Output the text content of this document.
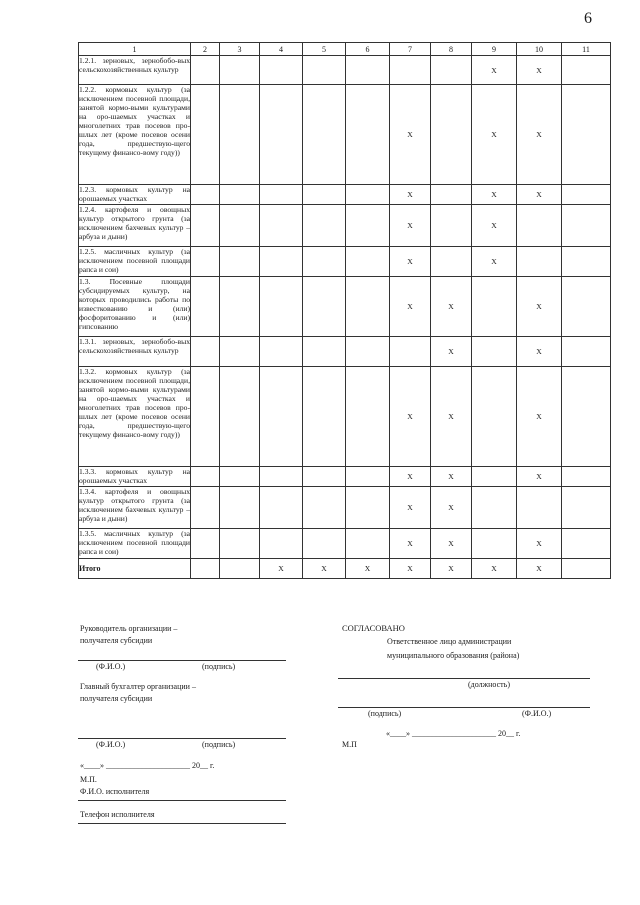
6
1	2	3	4	5	6	7	8	9	10	11
1.2.1. зерновых, зернобобо-вых сельскохозяйственных культур								X	X	
1.2.2. кормовых культур (за исключением посевной площади, занятой кормо-выми культурами на оро-шаемых участках и многолетних трав посевов про-шлых лет (кроме посевов осени года, предшествую-щего текущему финансо-вому году))						X		X	X	
1.2.3. кормовых культур на орошаемых участках						X		X	X	
1.2.4. картофеля и овощных культур открытого грунта (за исключением бахчевых культур – арбуза и дыни)						X		X		
1.2.5. масличных культур (за исключением посевной площади рапса и сои)						X		X		
1.3. Посевные площади субсидируемых культур, на которых проводились работы по известкованию и (или) фосфоритованию и (или) гипсованию						X	X		X	
1.3.1. зерновых, зернобобо-вых сельскохозяйственных культур							X		X	
1.3.2. кормовых культур (за исключением посевной площади, занятой кормо-выми культурами на оро-шаемых участках и многолетних трав посевов про-шлых лет (кроме посевов осени года, предшествую-щего текущему финансо-вому году))						X	X		X	
1.3.3. кормовых культур на орошаемых участках						X	X		X	
1.3.4. картофеля и овощных культур открытого грунта (за исключением бахчевых культур – арбуза и дыни)						X	X			
1.3.5. масличных культур (за исключением посевной площади рапса и сои)						X	X		X	
Итого			X	X	X	X	X	X	X	
Руководитель организации –
получателя субсидии
(Ф.И.О.)	(подпись)
Главный бухгалтер организации –
получателя субсидии
(Ф.И.О.)	(подпись)
«____» _____________________ 20__ г.
М.П.
Ф.И.О. исполнителя
Телефон исполнителя
СОГЛАСОВАНО
Ответственное лицо администрации
муниципального образования (района)
(должность)
(подпись)	(Ф.И.О.)
«____» _____________________ 20__ г.
М.П
